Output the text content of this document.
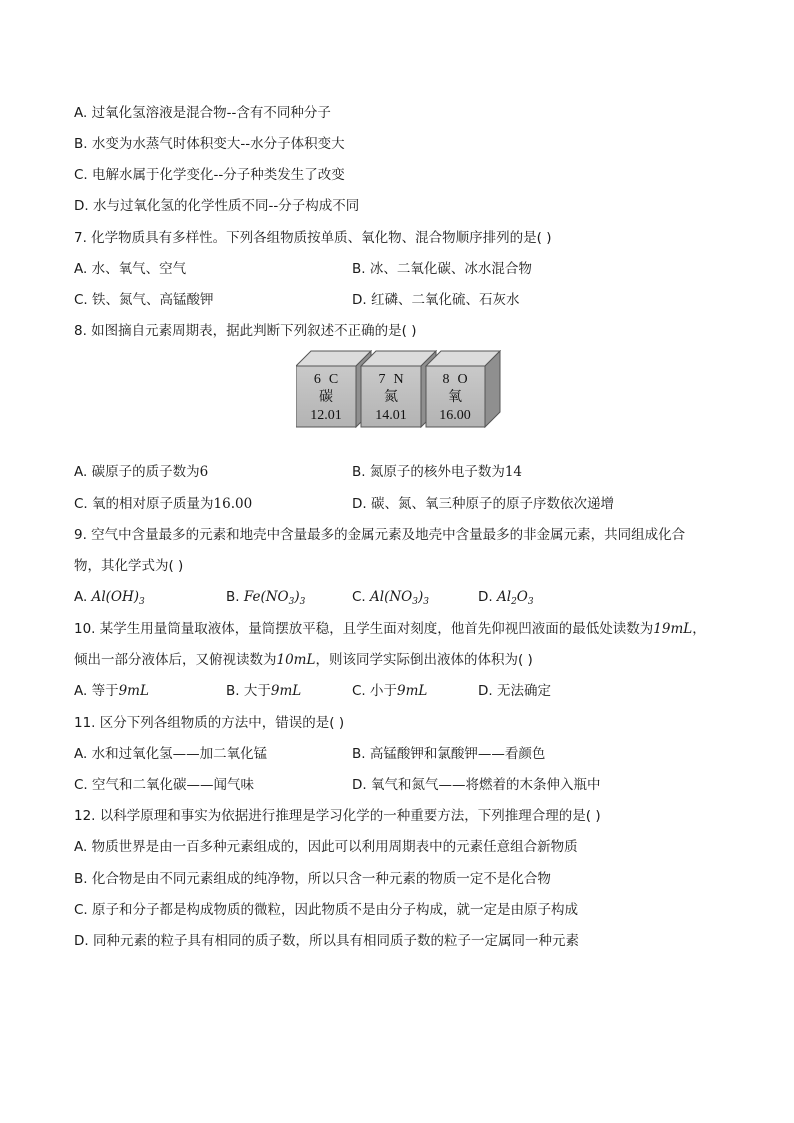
A. 过氧化氢溶液是混合物--含有不同种分子
B. 水变为水蒸气时体积变大--水分子体积变大
C. 电解水属于化学变化--分子种类发生了改变
D. 水与过氧化氢的化学性质不同--分子构成不同
7. 化学物质具有多样性。下列各组物质按单质、氧化物、混合物顺序排列的是( )
A. 水、氧气、空气	B. 冰、二氧化碳、冰水混合物
C. 铁、氮气、高锰酸钾	D. 红磷、二氧化硫、石灰水
8. 如图摘自元素周期表，据此判断下列叙述不正确的是( )
6 C
碳
12.01
7 N
氮
14.01
8 O
氧
16.00
A. 碳原子的质子数为6	B. 氮原子的核外电子数为14
C. 氧的相对原子质量为16.00	D. 碳、氮、氧三种原子的原子序数依次递增
9. 空气中含量最多的元素和地壳中含量最多的金属元素及地壳中含量最多的非金属元素，共同组成化合
物，其化学式为( )
A. $Al(OH)_3$	B. $Fe(NO_3)_3$	C. $Al(NO_3)_3$	D. $Al_2O_3$
10. 某学生用量筒量取液体，量筒摆放平稳，且学生面对刻度，他首先仰视凹液面的最低处读数为19mL，
倾出一部分液体后，又俯视读数为10mL，则该同学实际倒出液体的体积为( )
A. 等于9mL	B. 大于9mL	C. 小于9mL	D. 无法确定
11. 区分下列各组物质的方法中，错误的是( )
A. 水和过氧化氢——加二氧化锰	B. 高锰酸钾和氯酸钾——看颜色
C. 空气和二氧化碳——闻气味	D. 氧气和氮气——将燃着的木条伸入瓶中
12. 以科学原理和事实为依据进行推理是学习化学的一种重要方法，下列推理合理的是( )
A. 物质世界是由一百多种元素组成的，因此可以利用周期表中的元素任意组合新物质
B. 化合物是由不同元素组成的纯净物，所以只含一种元素的物质一定不是化合物
C. 原子和分子都是构成物质的微粒，因此物质不是由分子构成，就一定是由原子构成
D. 同种元素的粒子具有相同的质子数，所以具有相同质子数的粒子一定属同一种元素
